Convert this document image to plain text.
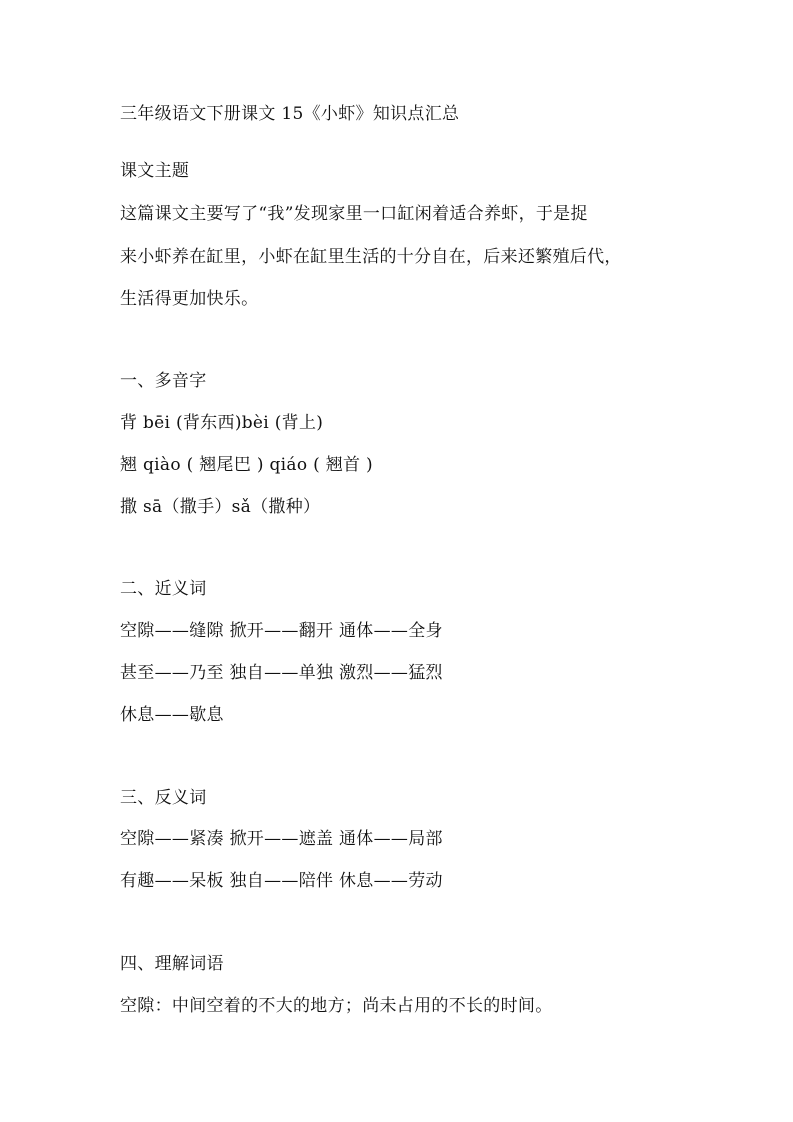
三年级语文下册课文 15《小虾》知识点汇总
课文主题
这篇课文主要写了“我”发现家里一口缸闲着适合养虾，于是捉
来小虾养在缸里，小虾在缸里生活的十分自在，后来还繁殖后代，
生活得更加快乐。
一、多音字
背 bēi (背东西)bèi (背上)
翘 qiào ( 翘尾巴 ) qiáo ( 翘首 )
撒 sā（撒手）sǎ（撒种）
二、近义词
空隙——缝隙 掀开——翻开 通体——全身
甚至——乃至 独自——单独 激烈——猛烈
休息——歇息
三、反义词
空隙——紧凑 掀开——遮盖 通体——局部
有趣——呆板 独自——陪伴 休息——劳动
四、理解词语
空隙：中间空着的不大的地方；尚未占用的不长的时间。
